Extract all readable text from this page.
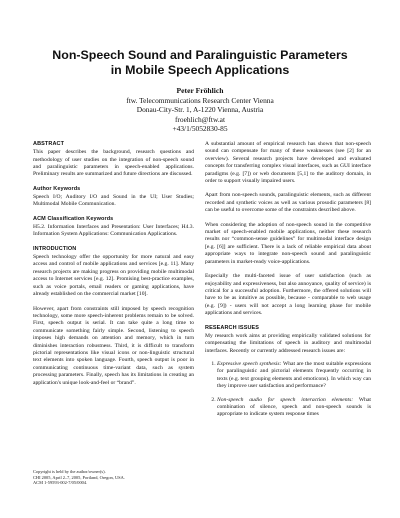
Non-Speech Sound and Paralinguistic Parameters
in Mobile Speech Applications
Peter Fröhlich
ftw. Telecommunications Research Center Vienna
Donau-City-Str. 1, A-1220 Vienna, Austria
froehlich@ftw.at
+43/1/5052830-85
ABSTRACT
This paper describes the background, research questions and methodology of user studies on the integration of non-speech sound and paralinguistic parameters in speech-enabled applications. Preliminary results are summarized and future directions are discussed.
Author Keywords
Speech I/O; Auditory I/O and Sound in the UI; User Studies; Multimodal Mobile Communication.
ACM Classification Keywords
H5.2. Information Interfaces and Presentation: User Interfaces; H4.3. Information System Applications: Communication Applications.
INTRODUCTION
Speech technology offer the opportunity for more natural and easy access and control of mobile applications and services [e.g. 11]. Many research projects are making progress on providing mobile multimodal access to Internet services [e.g. 12]. Promising best-practice examples, such as voice portals, email readers or gaming applications, have already established on the commercial market [10].
However, apart from constraints still imposed by speech recognition technology, some more speech-inherent problems remain to be solved. First, speech output is serial. It can take quite a long time to communicate something fairly simple. Second, listening to speech imposes high demands on attention and memory, which in turn diminishes interaction robustness. Third, it is difficult to transform pictorial representations like visual icons or non-linguistic structural text elements into spoken language. Fourth, speech output is poor in communicating continuous time-variant data, such as system processing parameters. Finally, speech has its limitations in creating an application's unique look-and-feel or “brand”.
Copyright is held by the author/owner(s).
CHI 2005, April 2–7, 2005, Portland, Oregon, USA.
ACM 1-59593-002-7/05/0004.
A substantial amount of empirical research has shown that non-speech sound can compensate for many of these weaknesses (see [2] for an overview). Several research projects have developed and evaluated concepts for transferring complex visual interfaces, such as GUI interface paradigms (e.g. [7]) or web documents [5,1] to the auditory domain, in order to support visually impaired users.
Apart from non-speech sounds, paralinguistic elements, such as different recorded and synthetic voices as well as various prosodic parameters [8] can be useful to overcome some of the constraints described above.
When considering the adoption of non-speech sound in the competitive market of speech-enabled mobile applications, neither these research results nor “common-sense guidelines” for multimodal interface design [e.g. [6]] are sufficient. There is a lack of reliable empirical data about appropriate ways to integrate non-speech sound and paralinguistic parameters in market-ready voice-applications.
Especially the multi-faceted issue of user satisfaction (such as enjoyability and expressiveness, but also annoyance, quality of service) is critical for a successful adoption. Furthermore, the offered solutions will have to be as intuitive as possible, because - comparable to web usage (e.g. [9]) - users will not accept a long learning phase for mobile applications and services.
RESEARCH ISSUES
My research work aims at providing empirically validated solutions for compensating the limitations of speech in auditory and multimodal interfaces. Recently or currently addressed research issues are:
1. Expressive speech synthesis: What are the most suitable expressions for paralinguistic and pictorial elements frequently occurring in texts (e.g. text grouping elements and emoticons). In which way can they improve user satisfaction and performance?
2. Non-speech audio for speech interaction elements: What combination of silence, speech and non-speech sounds is appropriate to indicate system response times
